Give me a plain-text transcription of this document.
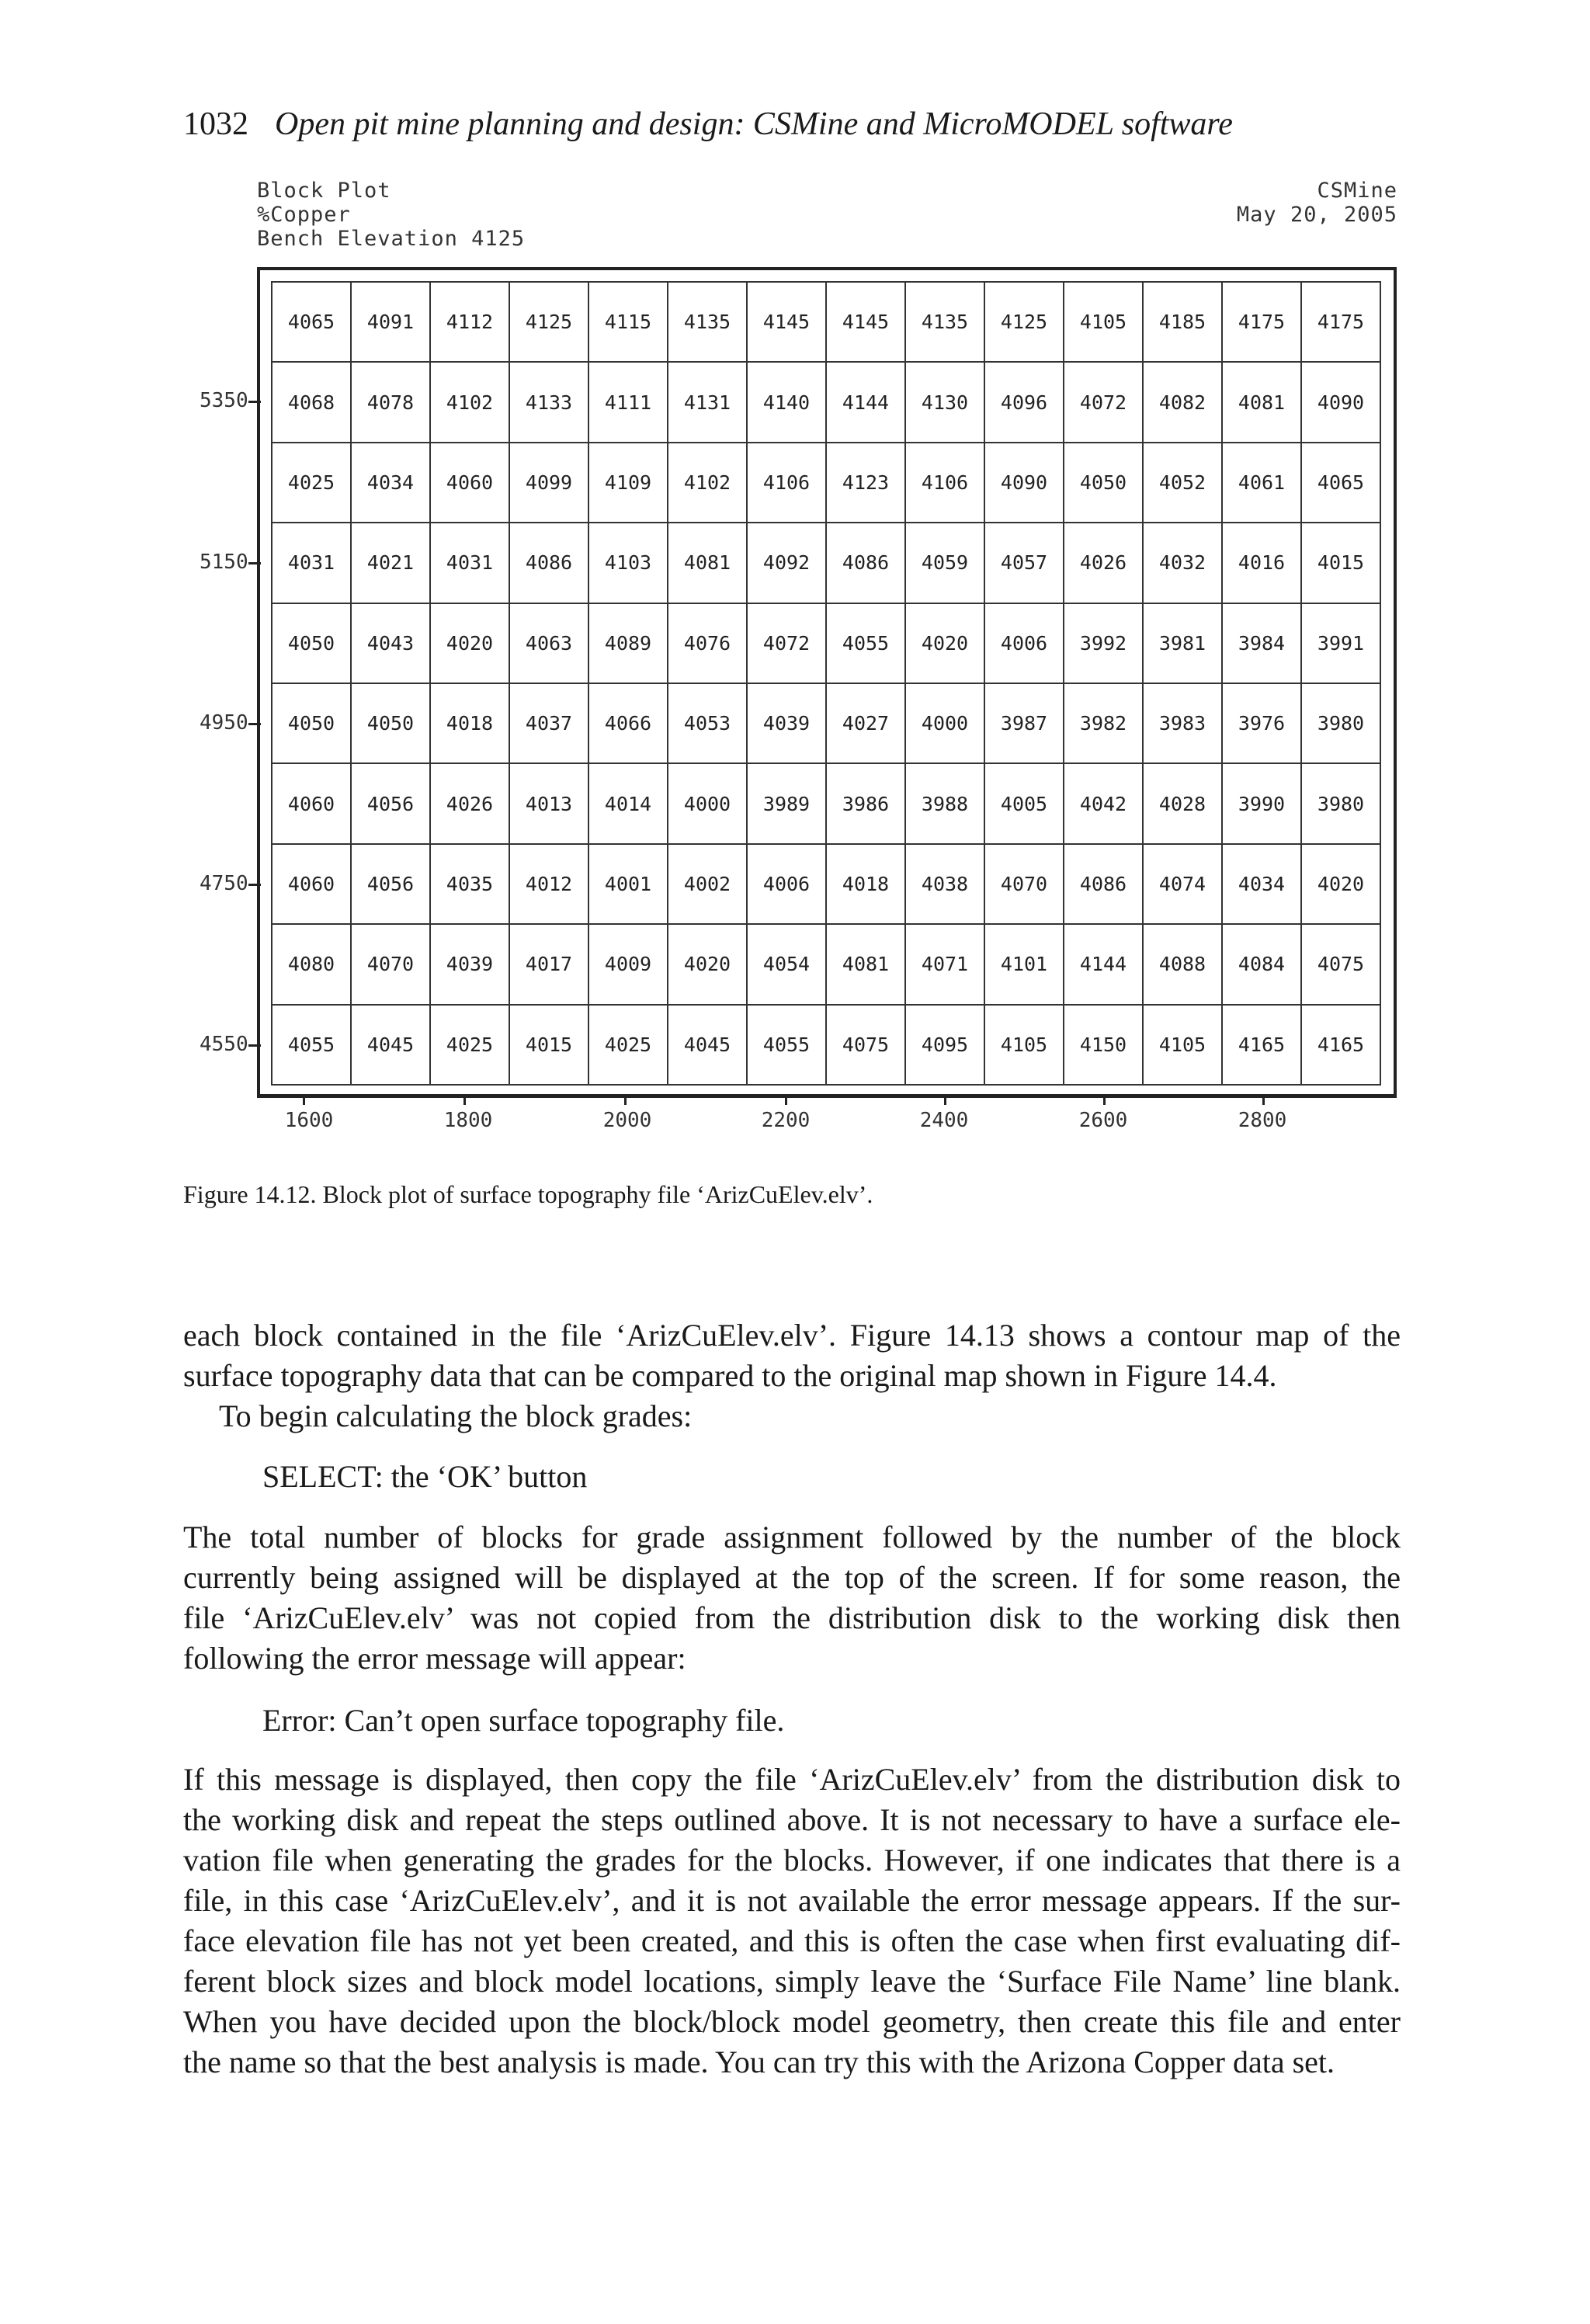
1032 Open pit mine planning and design: CSMine and MicroMODEL software
Block Plot
%Copper
Bench Elevation 4125
CSMine
May 20, 2005
4065	4091	4112	4125	4115	4135	4145	4145	4135	4125	4105	4185	4175	4175
4068	4078	4102	4133	4111	4131	4140	4144	4130	4096	4072	4082	4081	4090
4025	4034	4060	4099	4109	4102	4106	4123	4106	4090	4050	4052	4061	4065
4031	4021	4031	4086	4103	4081	4092	4086	4059	4057	4026	4032	4016	4015
4050	4043	4020	4063	4089	4076	4072	4055	4020	4006	3992	3981	3984	3991
4050	4050	4018	4037	4066	4053	4039	4027	4000	3987	3982	3983	3976	3980
4060	4056	4026	4013	4014	4000	3989	3986	3988	4005	4042	4028	3990	3980
4060	4056	4035	4012	4001	4002	4006	4018	4038	4070	4086	4074	4034	4020
4080	4070	4039	4017	4009	4020	4054	4081	4071	4101	4144	4088	4084	4075
4055	4045	4025	4015	4025	4045	4055	4075	4095	4105	4150	4105	4165	4165
5350
5150
4950
4750
4550
1600	1800	2000	2200	2400	2600	2800
Figure 14.12. Block plot of surface topography file ‘ArizCuElev.elv’.

each block contained in the file ‘ArizCuElev.elv’. Figure 14.13 shows a contour map of the
surface topography data that can be compared to the original map shown in Figure 14.4.

To begin calculating the block grades:

SELECT: the ‘OK’ button

The total number of blocks for grade assignment followed by the number of the block
currently being assigned will be displayed at the top of the screen. If for some reason, the
file ‘ArizCuElev.elv’ was not copied from the distribution disk to the working disk then
following the error message will appear:

Error: Can’t open surface topography file.

If this message is displayed, then copy the file ‘ArizCuElev.elv’ from the distribution disk to
the working disk and repeat the steps outlined above. It is not necessary to have a surface ele-
vation file when generating the grades for the blocks. However, if one indicates that there is a
file, in this case ‘ArizCuElev.elv’, and it is not available the error message appears. If the sur-
face elevation file has not yet been created, and this is often the case when first evaluating dif-
ferent block sizes and block model locations, simply leave the ‘Surface File Name’ line blank.
When you have decided upon the block/block model geometry, then create this file and enter
the name so that the best analysis is made. You can try this with the Arizona Copper data set.
